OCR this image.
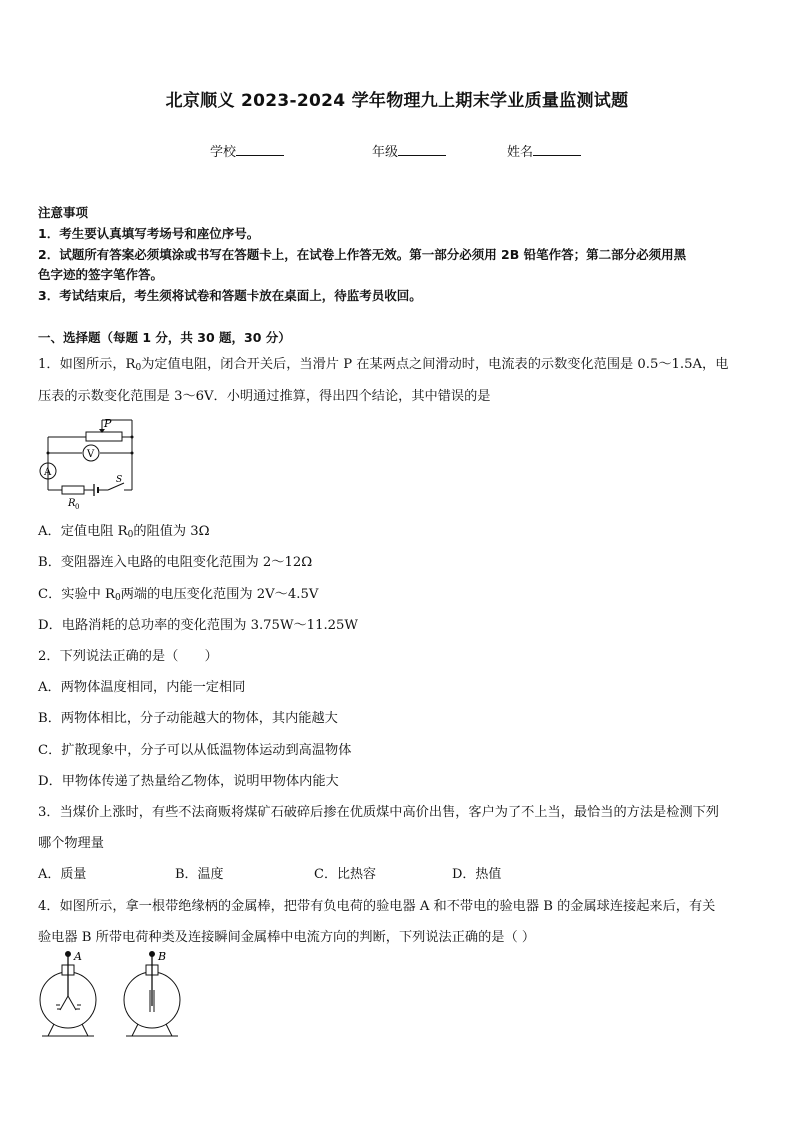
北京顺义 2023-2024 学年物理九上期末学业质量监测试题
学校	年级	姓名
注意事项
1．考生要认真填写考场号和座位序号。
2．试题所有答案必须填涂或书写在答题卡上，在试卷上作答无效。第一部分必须用 2B 铅笔作答；第二部分必须用黑
色字迹的签字笔作答。
3．考试结束后，考生须将试卷和答题卡放在桌面上，待监考员收回。
一、选择题（每题 1 分，共 30 题，30 分）
1．如图所示，$R_0$为定值电阻，闭合开关后，当滑片 P 在某两点之间滑动时，电流表的示数变化范围是 0.5～1.5A，电
压表的示数变化范围是 3～6V．小明通过推算，得出四个结论，其中错误的是
P
V
A
S
R 0
A．定值电阻 $R_0$的阻值为 3Ω
B．变阻器连入电路的电阻变化范围为 2～12Ω
C．实验中 $R_0$两端的电压变化范围为 2V～4.5V
D．电路消耗的总功率的变化范围为 3.75W～11.25W
2．下列说法正确的是（　　）
A．两物体温度相同，内能一定相同
B．两物体相比，分子动能越大的物体，其内能越大
C．扩散现象中，分子可以从低温物体运动到高温物体
D．甲物体传递了热量给乙物体，说明甲物体内能大
3．当煤价上涨时，有些不法商贩将煤矿石破碎后掺在优质煤中高价出售，客户为了不上当，最恰当的方法是检测下列
哪个物理量
A．质量	B．温度	C．比热容	D．热值
4．如图所示，拿一根带绝缘柄的金属棒，把带有负电荷的验电器 A 和不带电的验电器 B 的金属球连接起来后，有关
验电器 B 所带电荷种类及连接瞬间金属棒中电流方向的判断，下列说法正确的是（ ）
A	B
